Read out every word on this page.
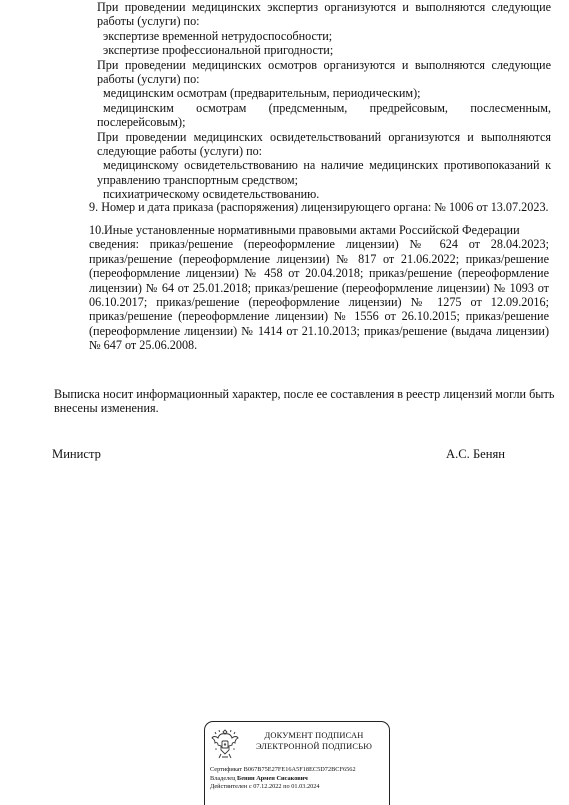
При проведении медицинских экспертиз организуются и выполняются следующие
работы (услуги) по:
экспертизе временной нетрудоспособности;
экспертизе профессиональной пригодности;
При проведении медицинских осмотров организуются и выполняются следующие
работы (услуги) по:
медицинским осмотрам (предварительным, периодическим);
медицинским осмотрам (предсменным, предрейсовым, послесменным,
послерейсовым);
При проведении медицинских освидетельствований организуются и выполняются
следующие работы (услуги) по:
медицинскому освидетельствованию на наличие медицинских противопоказаний к
управлению транспортным средством;
психиатрическому освидетельствованию.
9. Номер и дата приказа (распоряжения) лицензирующего органа: № 1006 от 13.07.2023.
10. Иные установленные нормативными правовыми актами Российской Федерации
сведения: приказ/решение (переоформление лицензии) № 624 от 28.04.2023;
приказ/решение (переоформление лицензии) № 817 от 21.06.2022; приказ/решение
(переоформление лицензии) № 458 от 20.04.2018; приказ/решение (переоформление
лицензии) № 64 от 25.01.2018; приказ/решение (переоформление лицензии) № 1093 от
06.10.2017; приказ/решение (переоформление лицензии) № 1275 от 12.09.2016;
приказ/решение (переоформление лицензии) № 1556 от 26.10.2015; приказ/решение
(переоформление лицензии) № 1414 от 21.10.2013; приказ/решение (выдача лицензии)
№ 647 от 25.06.2008.
Выписка носит информационный характер, после ее составления в реестр лицензий могли быть
внесены изменения.
Министр	А.С. Бенян
ДОКУМЕНТ ПОДПИСАН
ЭЛЕКТРОННОЙ ПОДПИСЬЮ
Сертификат B067B75E27FE16A5F18EC5D72BCF6562
Владелец Бенян Армен Сисакович
Действителен с 07.12.2022 по 01.03.2024
